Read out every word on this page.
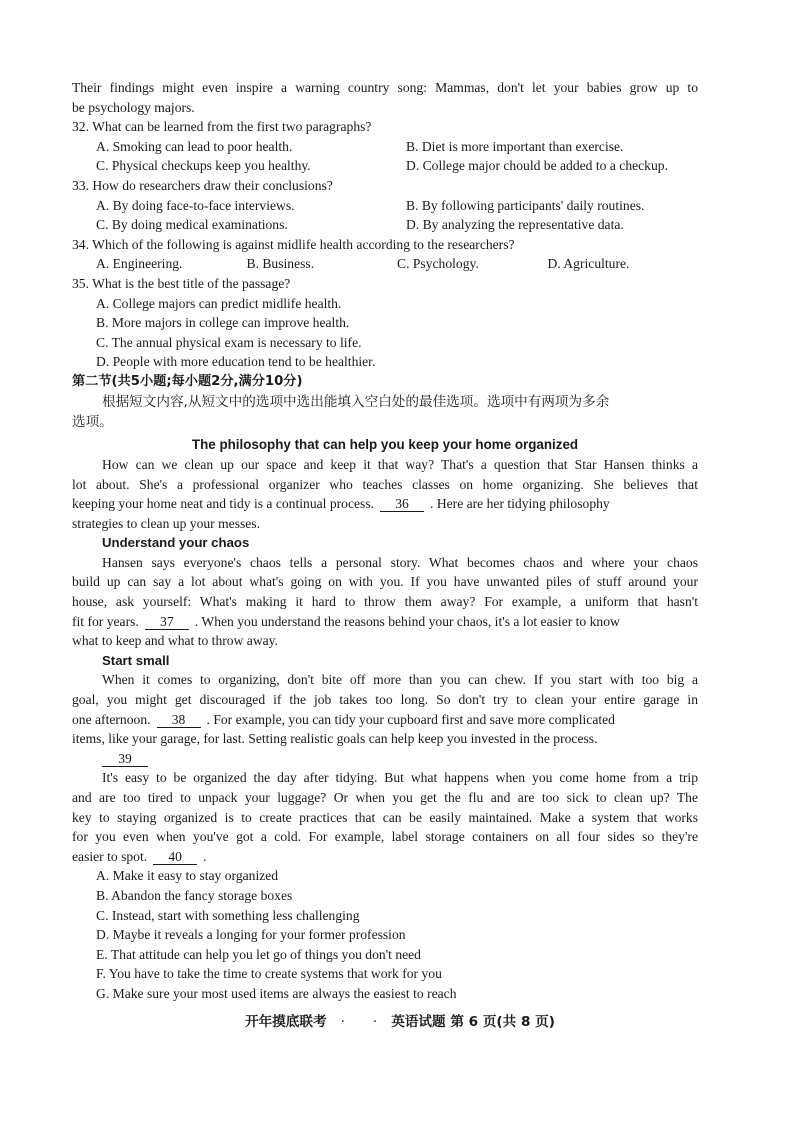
Their findings might even inspire a warning country song: Mammas, don't let your babies grow up to
be psychology majors.
32. What can be learned from the first two paragraphs?
A. Smoking can lead to poor health.	B. Diet is more important than exercise.
C. Physical checkups keep you healthy.	D. College major chould be added to a checkup.
33. How do researchers draw their conclusions?
A. By doing face-to-face interviews.	B. By following participants' daily routines.
C. By doing medical examinations.	D. By analyzing the representative data.
34. Which of the following is against midlife health according to the researchers?
A. Engineering.	B. Business.	C. Psychology.	D. Agriculture.
35. What is the best title of the passage?
A. College majors can predict midlife health.
B. More majors in college can improve health.
C. The annual physical exam is necessary to life.
D. People with more education tend to be healthier.
第二节(共5小题;每小题2分,满分10分)
根据短文内容,从短文中的选项中选出能填入空白处的最佳选项。选项中有两项为多余
选项。
The philosophy that can help you keep your home organized
How can we clean up our space and keep it that way? That's a question that Star Hansen thinks a
lot about. She's a professional organizer who teaches classes on home organizing. She believes that
keeping your home neat and tidy is a continual process. 36 . Here are her tidying philosophy
strategies to clean up your messes.
Understand your chaos
Hansen says everyone's chaos tells a personal story. What becomes chaos and where your chaos
build up can say a lot about what's going on with you. If you have unwanted piles of stuff around your
house, ask yourself: What's making it hard to throw them away? For example, a uniform that hasn't
fit for years. 37 . When you understand the reasons behind your chaos, it's a lot easier to know
what to keep and what to throw away.
Start small
When it comes to organizing, don't bite off more than you can chew. If you start with too big a
goal, you might get discouraged if the job takes too long. So don't try to clean your entire garage in
one afternoon. 38 . For example, you can tidy your cupboard first and save more complicated
items, like your garage, for last. Setting realistic goals can help keep you invested in the process.
39
It's easy to be organized the day after tidying. But what happens when you come home from a trip
and are too tired to unpack your luggage? Or when you get the flu and are too sick to clean up? The
key to staying organized is to create practices that can be easily maintained. Make a system that works
for you even when you've got a cold. For example, label storage containers on all four sides so they're
easier to spot. 40 .
A. Make it easy to stay organized
B. Abandon the fancy storage boxes
C. Instead, start with something less challenging
D. Maybe it reveals a longing for your former profession
E. That attitude can help you let go of things you don't need
F. You have to take the time to create systems that work for you
G. Make sure your most used items are always the easiest to reach
开年摸底联考 · · 英语试题 第 6 页(共 8 页)
